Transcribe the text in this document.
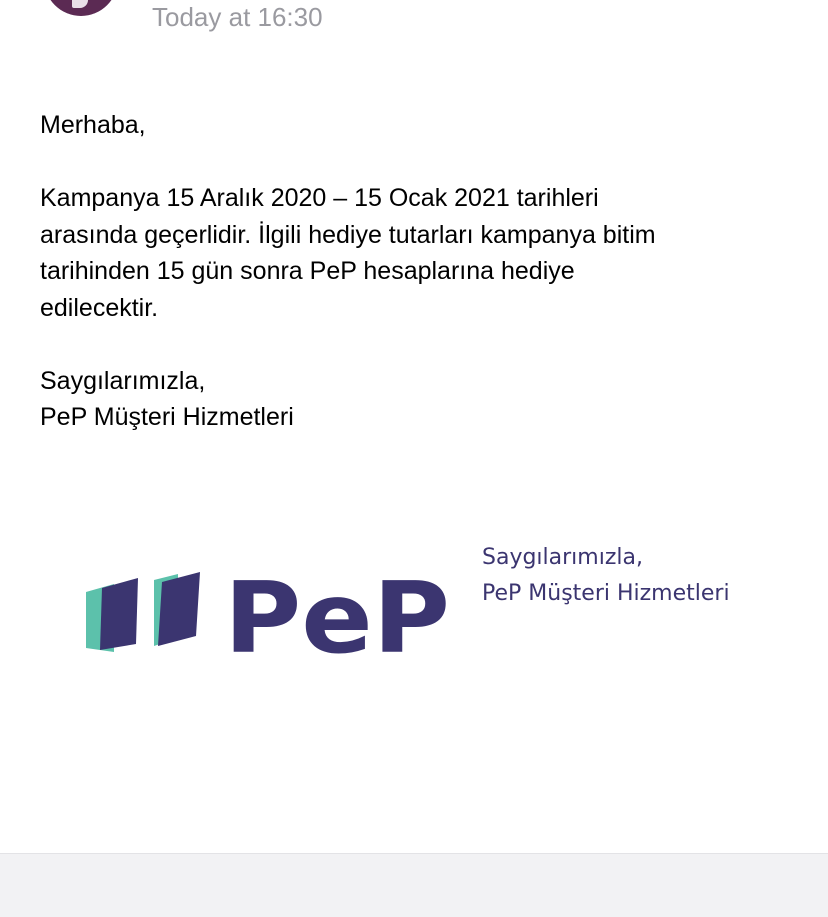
Today at 16:30

Merhaba,

Kampanya 15 Aralık 2020 – 15 Ocak 2021 tarihleri

arasında geçerlidir. İlgili hediye tutarları kampanya bitim

tarihinden 15 gün sonra PeP hesaplarına hediye

edilecektir.

Saygılarımızla,

PeP Müşteri Hizmetleri

PeP
Saygılarımızla,
PeP Müşteri Hizmetleri
